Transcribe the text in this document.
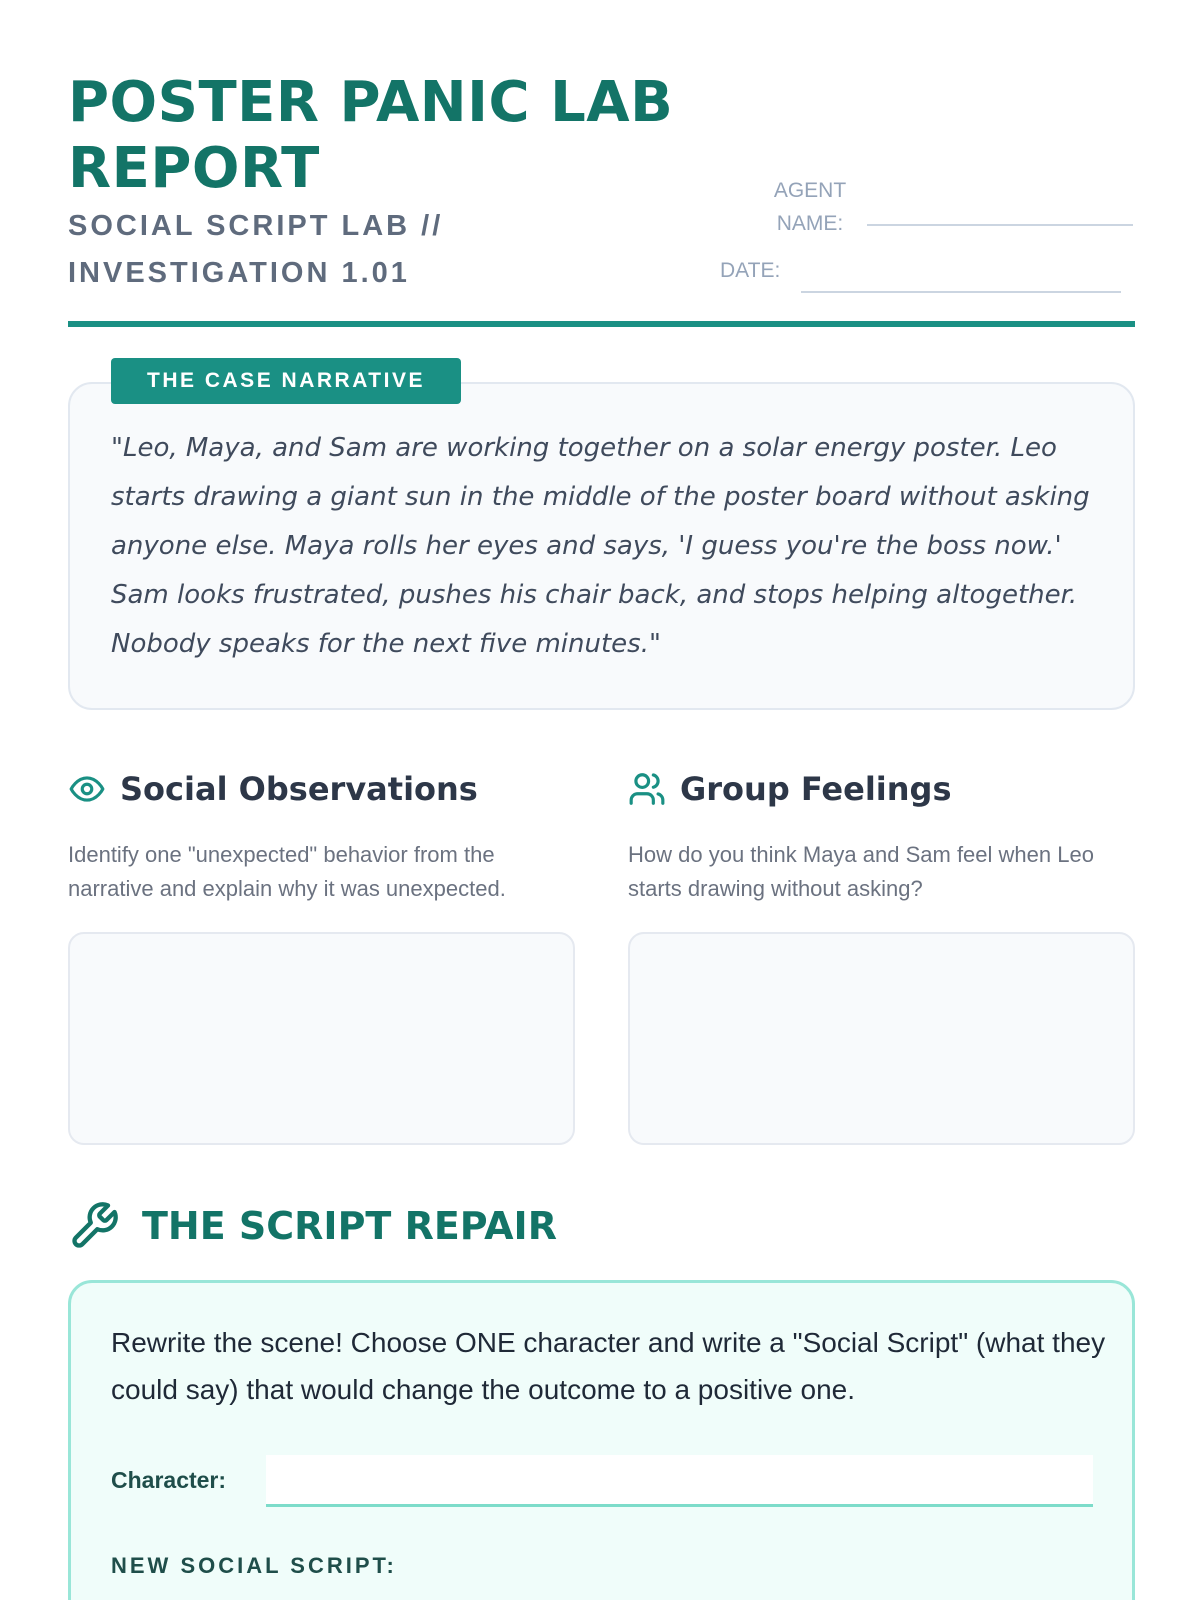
POSTER PANIC LAB REPORT
SOCIAL SCRIPT LAB // INVESTIGATION 1.01
AGENT NAME:
DATE:
THE CASE NARRATIVE

"Leo, Maya, and Sam are working together on a solar energy poster. Leo starts drawing a giant sun in the middle of the poster board without asking anyone else. Maya rolls her eyes and says, 'I guess you're the boss now.' Sam looks frustrated, pushes his chair back, and stops helping altogether. Nobody speaks for the next five minutes."

Social Observations

Identify one "unexpected" behavior from the narrative and explain why it was unexpected.

Group Feelings

How do you think Maya and Sam feel when Leo starts drawing without asking?

THE SCRIPT REPAIR

Rewrite the scene! Choose ONE character and write a "Social Script" (what they could say) that would change the outcome to a positive one.

Character:
NEW SOCIAL SCRIPT:
